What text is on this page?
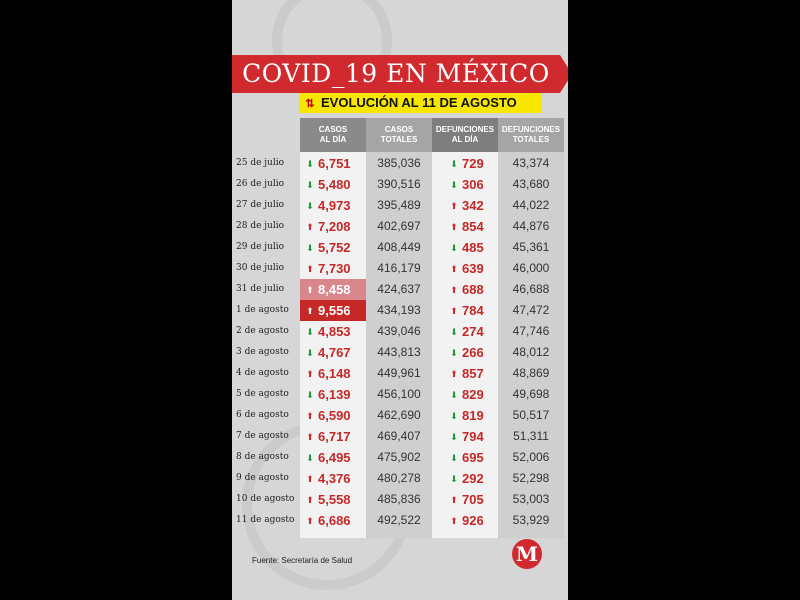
COVID_19 EN MÉXICO
⇅ EVOLUCIÓN AL 11 DE AGOSTO
CASOS
AL DÍA
CASOS
TOTALES
DEFUNCIONES
AL DÍA
DEFUNCIONES
TOTALES
25 de julio	⬇ 6,751	385,036	⬇ 729	43,374
26 de julio	⬇ 5,480	390,516	⬇ 306	43,680
27 de julio	⬇ 4,973	395,489	⬆ 342	44,022
28 de julio	⬆ 7,208	402,697	⬆ 854	44,876
29 de julio	⬇ 5,752	408,449	⬇ 485	45,361
30 de julio	⬆ 7,730	416,179	⬆ 639	46,000
31 de julio	⬆ 8,458	424,637	⬆ 688	46,688
1 de agosto	⬆ 9,556	434,193	⬆ 784	47,472
2 de agosto	⬇ 4,853	439,046	⬇ 274	47,746
3 de agosto	⬇ 4,767	443,813	⬇ 266	48,012
4 de agosto	⬆ 6,148	449,961	⬆ 857	48,869
5 de agosto	⬇ 6,139	456,100	⬇ 829	49,698
6 de agosto	⬆ 6,590	462,690	⬇ 819	50,517
7 de agosto	⬆ 6,717	469,407	⬇ 794	51,311
8 de agosto	⬇ 6,495	475,902	⬇ 695	52,006
9 de agosto	⬆ 4,376	480,278	⬇ 292	52,298
10 de agosto	⬆ 5,558	485,836	⬆ 705	53,003
11 de agosto	⬆ 6,686	492,522	⬆ 926	53,929
Fuente: Secretaría de Salud	M
